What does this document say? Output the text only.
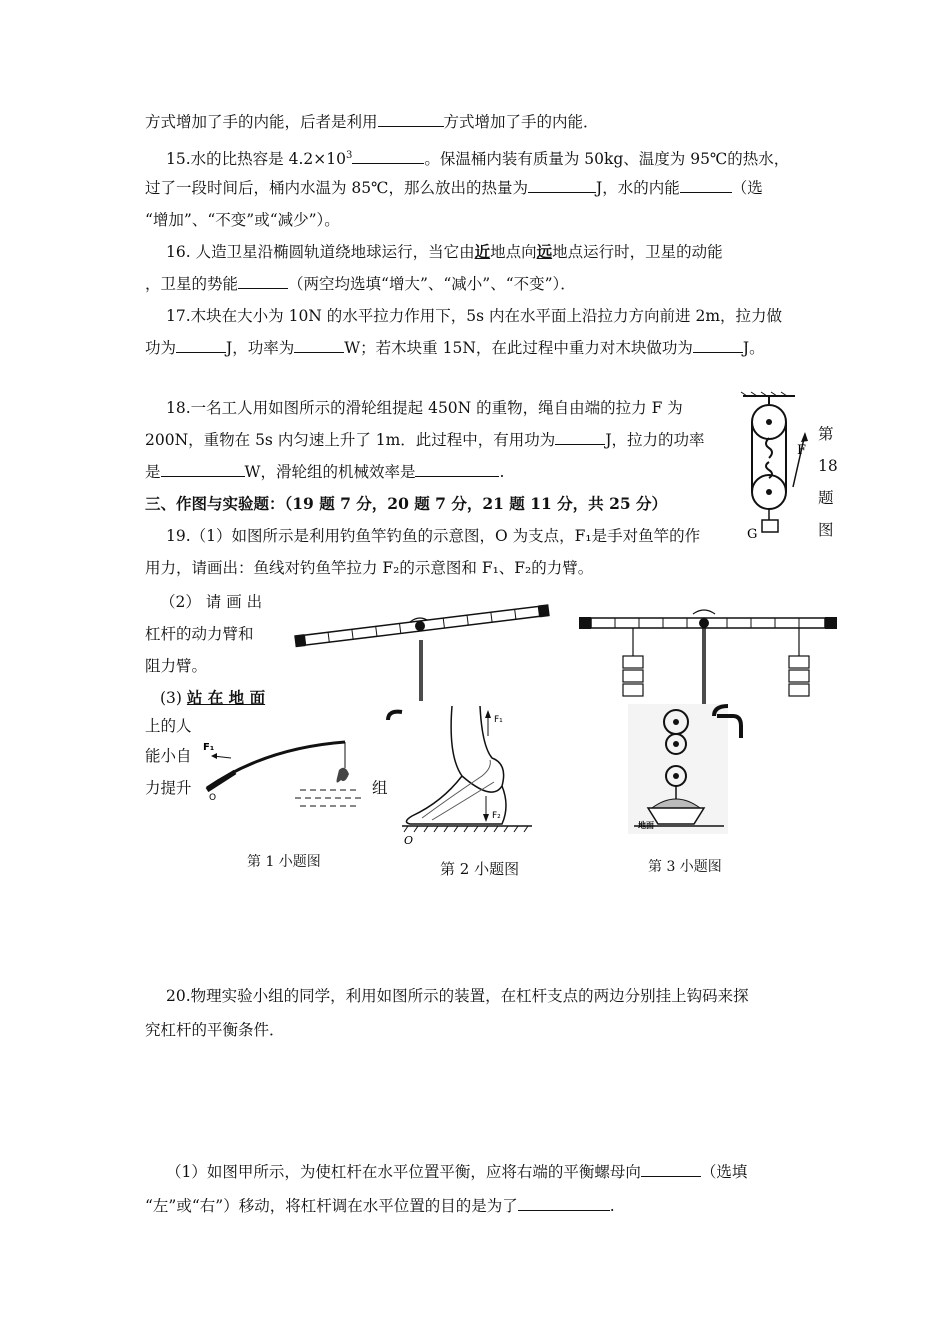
方式增加了手的内能，后者是利用	方式增加了手的内能．
15.水的比热容是 $4.2\times 10^3$	。保温桶内装有质量为 50kg、温度为 95℃的热水，
过了一段时间后，桶内水温为 85℃，那么放出的热量为	J，水的内能	（选
“增加”、“不变”或“减少”）。
16. 人造卫星沿椭圆轨道绕地球运行，当它由近地点向远地点运行时，卫星的动能
，卫星的势能	（两空均选填“增大”、“减小”、“不变”）．
17.木块在大小为 10N 的水平拉力作用下，5s 内在水平面上沿拉力方向前进 2m，拉力做
功为	J，功率为	W；若木块重 15N，在此过程中重力对木块做功为	J。
18.一名工人用如图所示的滑轮组提起 450N 的重物，绳自由端的拉力 F 为
200N，重物在 5s 内匀速上升了 1m．此过程中，有用功为	J，拉力的功率
是	W，滑轮组的机械效率是	.
F
G
第
18
题
图
三、作图与实验题：（19 题 7 分，20 题 7 分，21 题 11 分，共 25 分）
19.（1）如图所示是利用钓鱼竿钓鱼的示意图，O 为支点，F₁是手对鱼竿的作
用力，请画出：鱼线对钓鱼竿拉力 F₂的示意图和 F₁、F₂的力臂。
（2） 请 画 出
杠杆的动力臂和
阻力臂。
(3) 站 在 地 面
上的人
能小自
力提升	组
F₁
O
F₁
F₂
O
地面
第 1 小题图	第 2 小题图	第 3 小题图
20.物理实验小组的同学，利用如图所示的装置，在杠杆支点的两边分别挂上钩码来探
究杠杆的平衡条件．
（1）如图甲所示，为使杠杆在水平位置平衡，应将右端的平衡螺母向	（选填
“左”或“右”）移动，将杠杆调在水平位置的目的是为了	.
